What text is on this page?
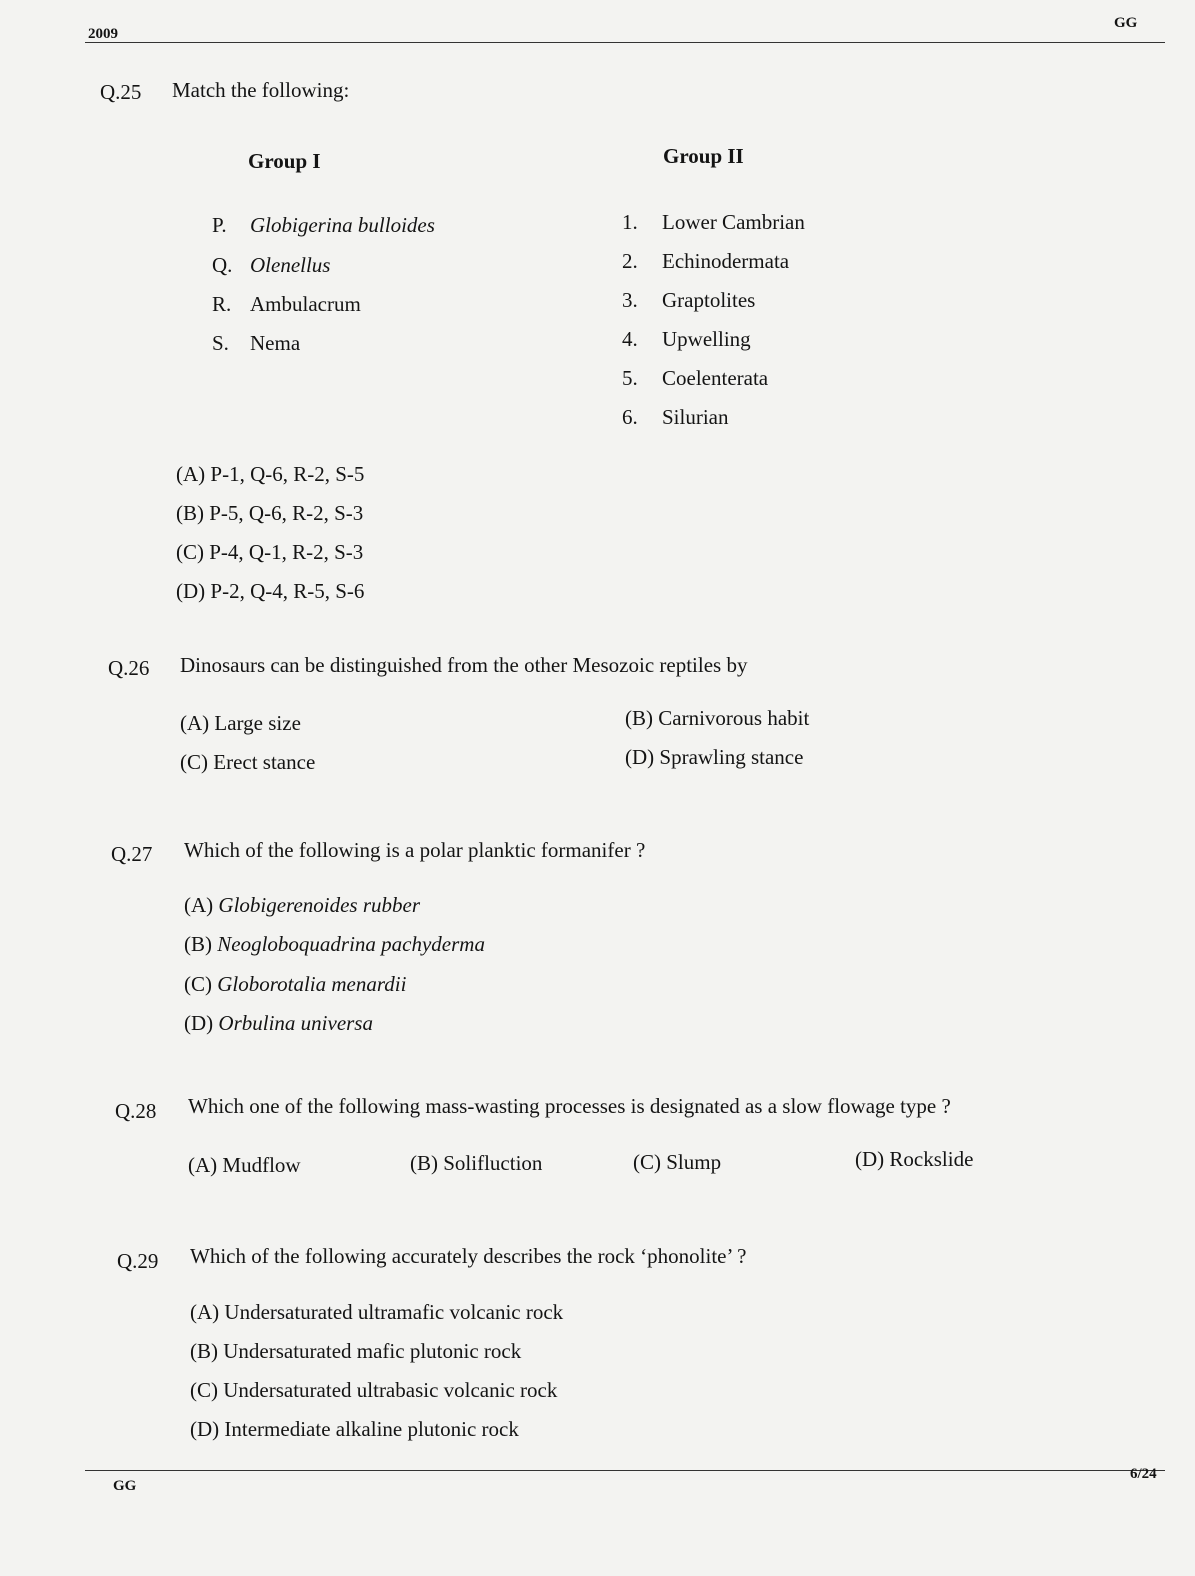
2009
GG
Q.25 Match the following:
Group I	Group II
P. Globigerina bulloides
Q. Olenellus
R. Ambulacrum
S. Nema
1. Lower Cambrian
2. Echinodermata
3. Graptolites
4. Upwelling
5. Coelenterata
6. Silurian
(A) P-1, Q-6, R-2, S-5
(B) P-5, Q-6, R-2, S-3
(C) P-4, Q-1, R-2, S-3
(D) P-2, Q-4, R-5, S-6
Q.26 Dinosaurs can be distinguished from the other Mesozoic reptiles by
(A) Large size	(B) Carnivorous habit
(C) Erect stance	(D) Sprawling stance
Q.27 Which of the following is a polar planktic formanifer ?
(A) Globigerenoides rubber
(B) Neogloboquadrina pachyderma
(C) Globorotalia menardii
(D) Orbulina universa
Q.28 Which one of the following mass-wasting processes is designated as a slow flowage type ?
(A) Mudflow	(B) Solifluction	(C) Slump	(D) Rockslide
Q.29 Which of the following accurately describes the rock ‘phonolite’ ?
(A) Undersaturated ultramafic volcanic rock
(B) Undersaturated mafic plutonic rock
(C) Undersaturated ultrabasic volcanic rock
(D) Intermediate alkaline plutonic rock
GG
6/24
